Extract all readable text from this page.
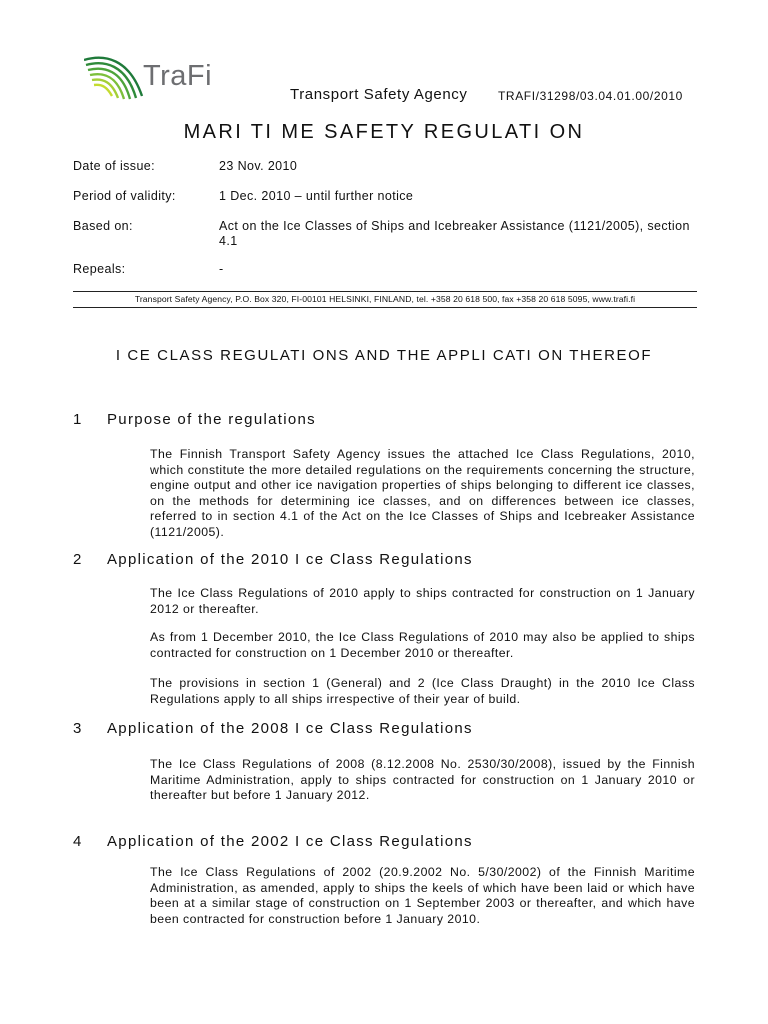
TraFi
Transport Safety Agency	TRAFI/31298/03.04.01.00/2010
MARI TI ME SAFETY REGULATI ON
Date of issue:	23 Nov. 2010
Period of validity:	1 Dec. 2010 – until further notice
Based on:	Act on the Ice Classes of Ships and Icebreaker Assistance (1121/2005), section 4.1
Repeals:	-
Transport Safety Agency, P.O. Box 320, FI-00101 HELSINKI, FINLAND, tel. +358 20 618 500, fax +358 20 618 5095, www.trafi.fi
I CE CLASS REGULATI ONS AND THE APPLI CATI ON THEREOF
1 Purpose of the regulations
The Finnish Transport Safety Agency issues the attached Ice Class Regulations, 2010, which constitute the more detailed regulations on the requirements concerning the structure, engine output and other ice navigation properties of ships belonging to different ice classes, on the methods for determining ice classes, and on differences between ice classes, referred to in section 4.1 of the Act on the Ice Classes of Ships and Icebreaker Assistance (1121/2005).
2 Application of the 2010 I ce Class Regulations
The Ice Class Regulations of 2010 apply to ships contracted for construction on 1 January 2012 or thereafter.
As from 1 December 2010, the Ice Class Regulations of 2010 may also be applied to ships contracted for construction on 1 December 2010 or thereafter.
The provisions in section 1 (General) and 2 (Ice Class Draught) in the 2010 Ice Class Regulations apply to all ships irrespective of their year of build.
3 Application of the 2008 I ce Class Regulations
The Ice Class Regulations of 2008 (8.12.2008 No. 2530/30/2008), issued by the Finnish Maritime Administration, apply to ships contracted for construction on 1 January 2010 or thereafter but before 1 January 2012.
4 Application of the 2002 I ce Class Regulations
The Ice Class Regulations of 2002 (20.9.2002 No. 5/30/2002) of the Finnish Maritime Administration, as amended, apply to ships the keels of which have been laid or which have been at a similar stage of construction on 1 September 2003 or thereafter, and which have been contracted for construction before 1 January 2010.
